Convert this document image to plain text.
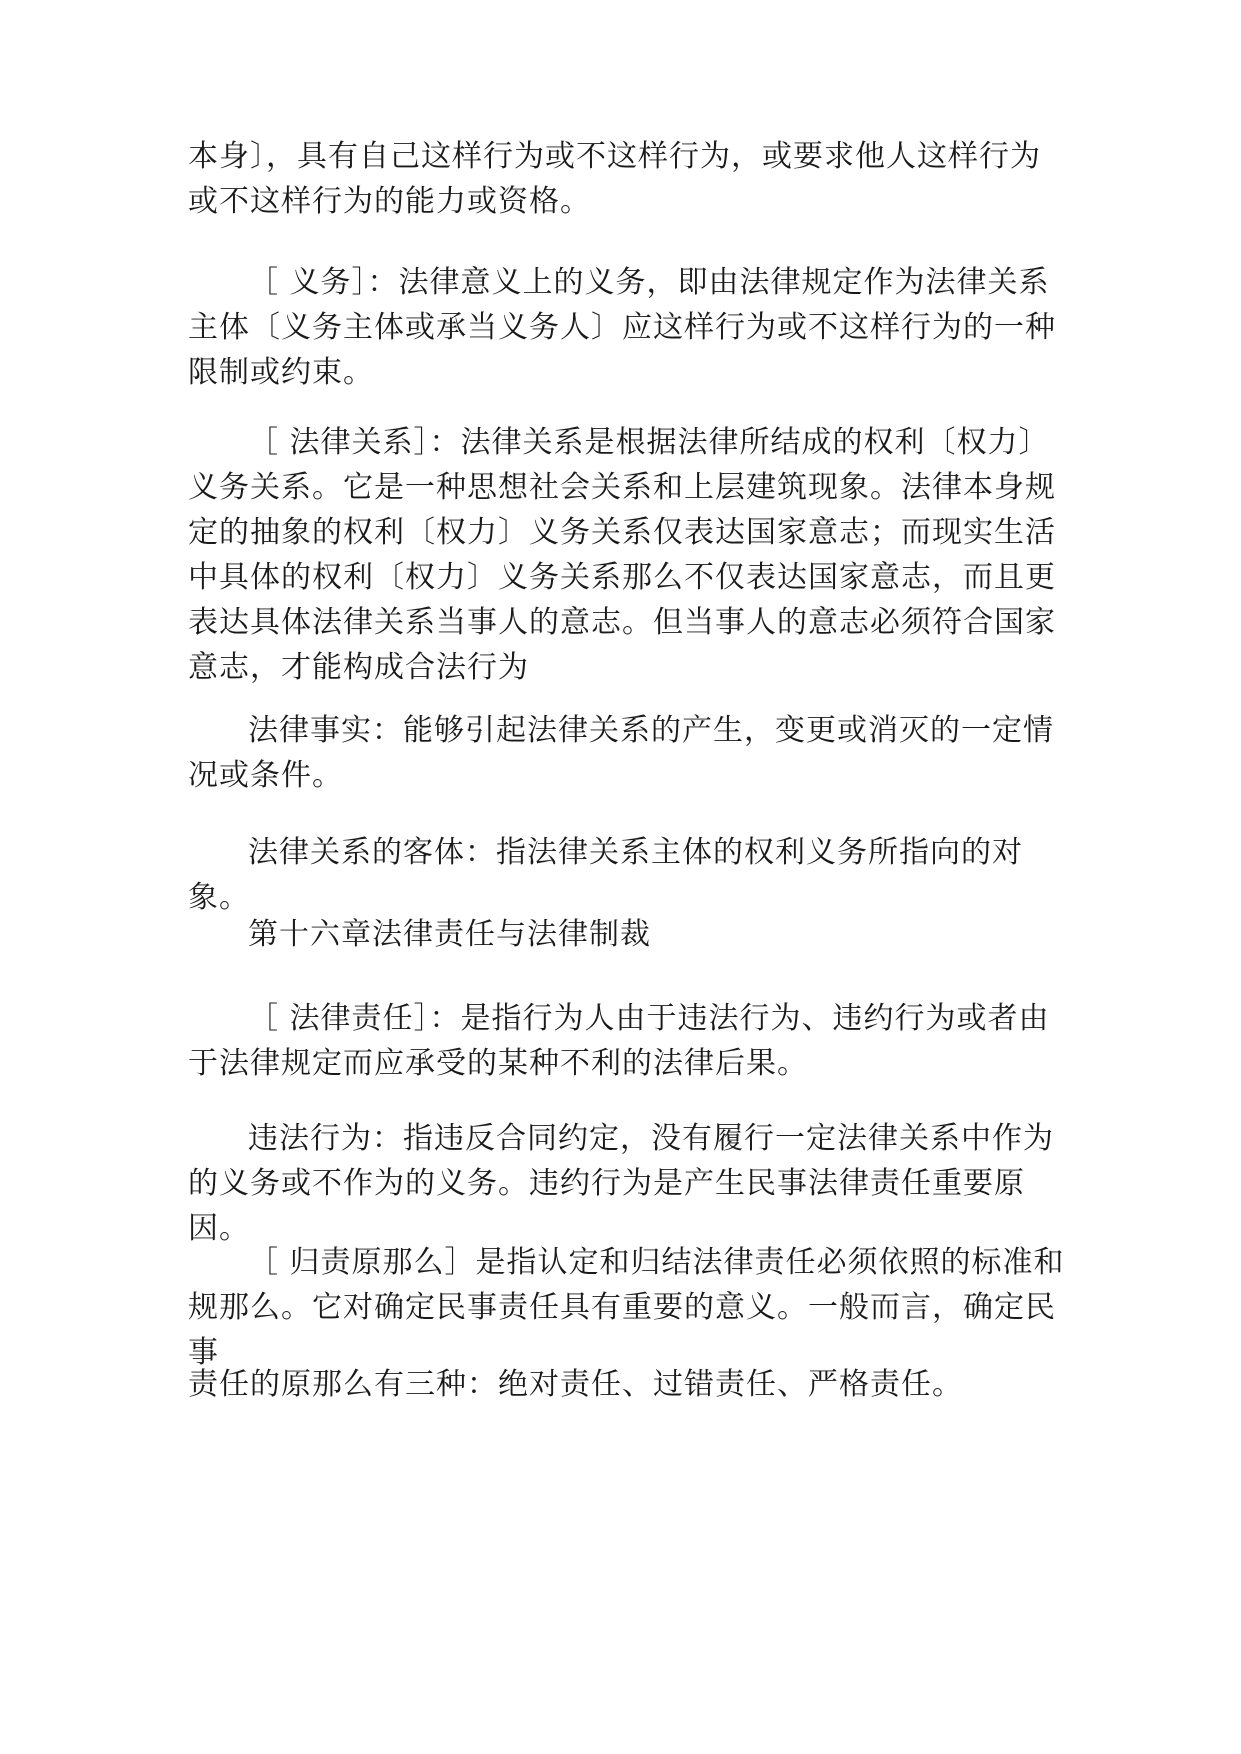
本身〕，具有自己这样行为或不这样行为，或要求他人这样行为或不这样行为的能力或资格。

［ 义务］：法律意义上的义务，即由法律规定作为法律关系主体〔义务主体或承当义务人〕应这样行为或不这样行为的一种限制或约束。

［ 法律关系］：法律关系是根据法律所结成的权利〔权力〕义务关系。它是一种思想社会关系和上层建筑现象。法律本身规定的抽象的权利〔权力〕义务关系仅表达国家意志；而现实生活中具体的权利〔权力〕义务关系那么不仅表达国家意志，而且更表达具体法律关系当事人的意志。但当事人的意志必须符合国家意志，才能构成合法行为

法律事实：能够引起法律关系的产生，变更或消灭的一定情况或条件。

法律关系的客体：指法律关系主体的权利义务所指向的对象。

第十六章法律责任与法律制裁

［ 法律责任］：是指行为人由于违法行为、违约行为或者由于法律规定而应承受的某种不利的法律后果。

违法行为：指违反合同约定，没有履行一定法律关系中作为的义务或不作为的义务。违约行为是产生民事法律责任重要原因。

［ 归责原那么］是指认定和归结法律责任必须依照的标准和规那么。它对确定民事责任具有重要的意义。一般而言，确定民事

责任的原那么有三种：绝对责任、过错责任、严格责任。
